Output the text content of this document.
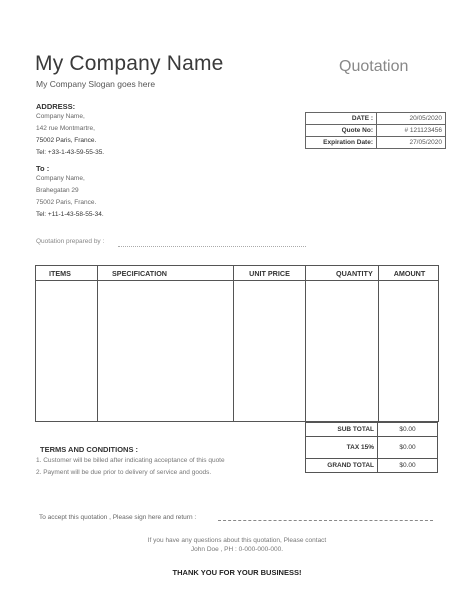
My Company Name
My Company Slogan goes here
Quotation
ADDRESS:
Company Name,
142 rue Montmartre,
75002 Paris, France.
Tel: +33-1-43-59-55-35.
To :
Company Name,
Brahegatan 29
75002 Paris, France.
Tel: +11-1-43-58-55-34.
DATE :	20/05/2020
Quote No:	# 121123456
Expiration Date:	27/05/2020
Quotation prepared by :
ITEMS	SPECIFICATION	UNIT PRICE	QUANTITY	AMOUNT
SUB TOTAL	$0.00
TAX 15%	$0.00
GRAND TOTAL	$0.00
TERMS AND CONDITIONS :
1. Customer will be billed after indicating acceptance of this quote
2. Payment will be due prior to delivery of service and goods.
To accept this quotation , Please sign here and return :
If you have any questions about this quotation, Please contact
John Doe , PH : 0-000-000-000.
THANK YOU FOR YOUR BUSINESS!
